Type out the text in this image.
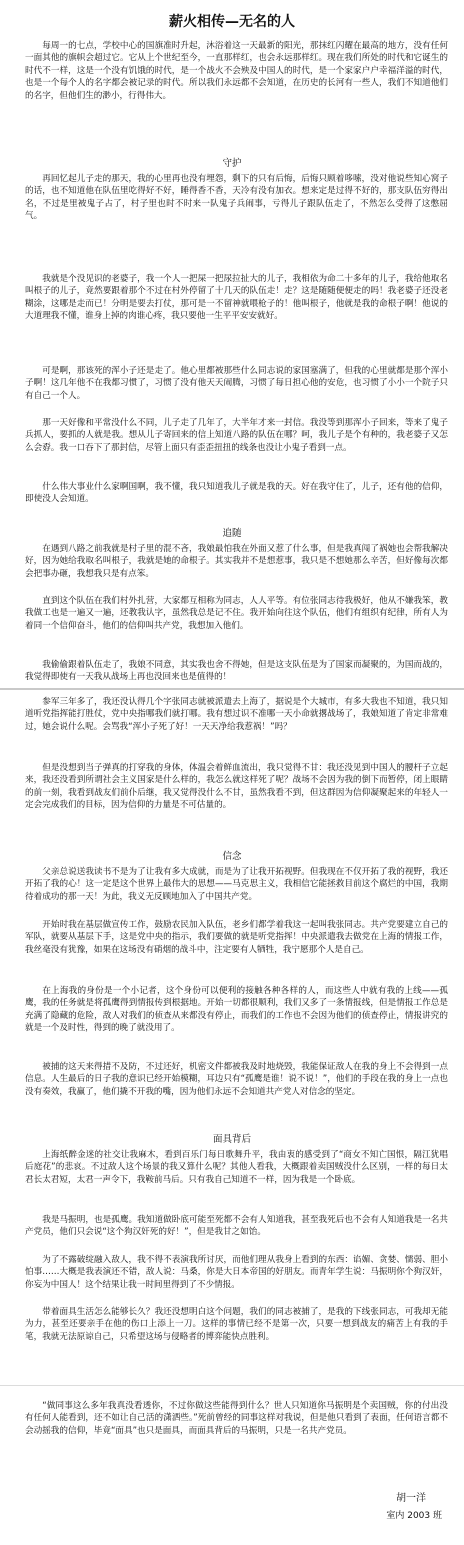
薪火相传—无名的人

每周一的七点，学校中心的国旗准时升起，沐浴着这一天最新的阳光，那抹红闪耀在最高的地方，没有任何一面其他的旗帜会超过它。它从上个世纪至今，一直那样红，也会永远那样红。现在我们所处的时代和它诞生的时代不一样，这是一个没有饥饿的时代，是一个战火不会殃及中国人的时代，是一个家家户户幸福洋溢的时代，也是一个每个人的名字都会被记录的时代。所以我们永远都不会知道，在历史的长河有一些人，我们不知道他们的名字，但他们生的渺小，行得伟大。

守护

再回忆起儿子走的那天，我的心里再也没有埋怨，剩下的只有后悔，后悔只顾着哆嗦，没对他说些知心窝子的话，也不知道他在队伍里吃得好不好，睡得香不香，天冷有没有加衣。想来定是过得不好的，那支队伍穷得出名，不过是里被鬼子占了，村子里也时不时来一队鬼子兵闹事，亏得儿子跟队伍走了，不然怎么受得了这憋屈气。

我就是个没见识的老婆子，我一个人一把屎一把尿拉扯大的儿子，我相依为命二十多年的儿子，我给他取名叫根子的儿子，竟然要跟着那个不过在村外停留了十几天的队伍走！走？这是随随便便走的吗！我老婆子还没老糊涂，这哪是走而已！分明是要去打仗，那可是一不留神就喂枪子的！他叫根子，他就是我的命根子啊！他说的大道理我不懂，谁身上掉的肉谁心疼，我只要他一生平平安安就好。

可是啊，那该死的浑小子还是走了。他心里都被那些什么同志说的家国塞满了，但我的心里就都是那个浑小子啊！这几年他不在我都习惯了，习惯了没有他天天闹腾，习惯了每日担心他的安危，也习惯了小小一个院子只有自己一个人。

那一天好像和平常没什么不同，儿子走了几年了，大半年才来一封信。我没等到那浑小子回来，等来了鬼子兵抓人，要抓的人就是我。想从儿子寄回来的信上知道八路的队伍在哪？呵，我儿子是个有种的，我老婆子又怎么会孬。我一口吞下了那封信，尽管上面只有歪歪扭扭的线条也没让小鬼子看到一点。

什么伟大事业什么家啊国啊，我不懂，我只知道我儿子就是我的天。好在我守住了，儿子，还有他的信仰，即使没人会知道。

追随

在遇到八路之前我就是村子里的混不吝，我娘最怕我在外面又惹了什么事，但是我真闯了祸她也会帮我解决好，因为她给我取名叫根子，我就是她的命根子。其实我并不是想惹事，我只是不想她那么辛苦，但好像每次都会把事办砸，我想我只是有点笨。

直到这个队伍在我们村外扎营，大家都互相称为同志，人人平等。有位张同志待我极好，他从不嫌我笨，教我做工也是一遍又一遍，还教我认字，虽然我总是记不住。我开始向往这个队伍，他们有组织有纪律，所有人为着同一个信仰奋斗，他们的信仰叫共产党，我想加入他们。

我偷偷跟着队伍走了，我娘不同意，其实我也舍不得她，但是这支队伍是为了国家而凝聚的，为国而战的，我觉得即使有一天我从战场上再也没回来也是值得的！

参军三年多了，我还没认得几个字张同志就被派遣去上海了，据说是个大城市，有多大我也不知道，我只知道听党指挥能打胜仗，党中央指哪我们就打哪。我有想过识不准哪一天小命就撂战场了，我娘知道了肯定非常难过，她会说什么呢。会骂我“浑小子死了好！一天天净给我惹祸！”吗？

但是没想到当子弹真的打穿我的身体，体温会着鲜血流出，我只觉得不甘：我还没见到中国人的腰杆子立起来，我还没看到所谓社会主义国家是什么样的，我怎么就这样死了呢？战场不会因为我的倒下而暂停，闭上眼睛的前一刻，我看到战友们前仆后继，我又觉得没什么不甘，虽然我看不到，但这群因为信仰凝聚起来的年轻人一定会完成我们的目标，因为信仰的力量是不可估量的。

信念

父亲总说送我读书不是为了让我有多大成就，而是为了让我开拓视野。但我现在不仅开拓了我的视野，我还开拓了我的心！这一定是这个世界上最伟大的思想——马克思主义，我相信它能拯救目前这个腐烂的中国，我期待着成功的那一天！为此，我义无反顾地加入了中国共产党。

开始时我在基层做宣传工作，鼓励农民加入队伍，老乡们都学着我这一起叫我张同志。共产党要建立自己的军队，就要从基层下手，这是党中央的指示，我们要做的就是听党指挥！中央派遣我去做党在上海的情报工作，我丝毫没有犹豫，如果在这场没有硝烟的战斗中，注定要有人牺牲，我宁愿那个人是自己。

在上海我的身份是一个小记者，这个身份可以便利的接触各种各样的人，而这些人中就有我的上线——孤鹰，我的任务就是将孤鹰得到情报传到根据地。开始一切都很顺利，我们又多了一条情报线，但是情报工作总是充满了隐藏的危险，敌人对我们的侦查从来都没有停止，而我们的工作也不会因为他们的侦查停止，情报讲究的就是一个及时性，得到的晚了就没用了。

被捕的这天来得措不及防，不过还好，机密文件都被我及时地烧毁，我能保证敌人在我的身上不会得到一点信息。人生最后的日子我的意识已经开始模糊，耳边只有“孤鹰是谁！说不说！”，他们的手段在我的身上一点也没有奏效，我赢了，他们撬不开我的嘴，因为他们永远不会知道共产党人对信念的坚定。

面具背后

上海纸醉金迷的社交让我麻木，看到百乐门每日歌舞升平，我由衷的感受到了“商女不知亡国恨，隔江犹唱后庭花”的悲哀。不过敌人这个场景的我又算什么呢？其他人看我，大概跟着卖国贼没什么区别，一样的每日太君长太君短，太君一声令下，我鞍前马后。只有我自己知道不一样，因为我是一个卧底。

我是马振明，也是孤鹰。我知道做卧底可能至死都不会有人知道我，甚至我死后也不会有人知道我是一名共产党员，他们只会说“这个狗汉奸死的好！”，但是我甘之如饴。

为了不露破绽融入敌人，我不得不表演我所讨厌，而他们理从我身上看到的东西：谄媚、贪婪、懦弱、胆小怕事……大概是我表演还不错，敌人说：马桑，你是大日本帝国的好朋友。而青年学生说：马振明你个狗汉奸，你妄为中国人！这个结果让我一时间里得到了不少情报。

带着面具生活怎么能够长久？我还没想明白这个问题，我们的同志被捕了，是我的下线张同志，可我却无能为力，甚至还要亲手在他的伤口上添上一刀。这样的事情已经不是第一次，只要一想到战友的痛苦上有我的手笔，我就无法原谅自己，只希望这场与侵略者的博弈能快点胜利。

“做同事这么多年我真没看透你，不过你做这些能得到什么？世人只知道你马振明是个卖国贼，你的付出没有任何人能看到，还不如让自己活的潇洒些。”死前曾经的同事这样对我说，但是他只看到了表面，任何语言都不会动摇我的信仰，毕竟“面具”也只是面具，而面具背后的马振明，只是一名共产党员。

胡一洋
室内 2003 班
